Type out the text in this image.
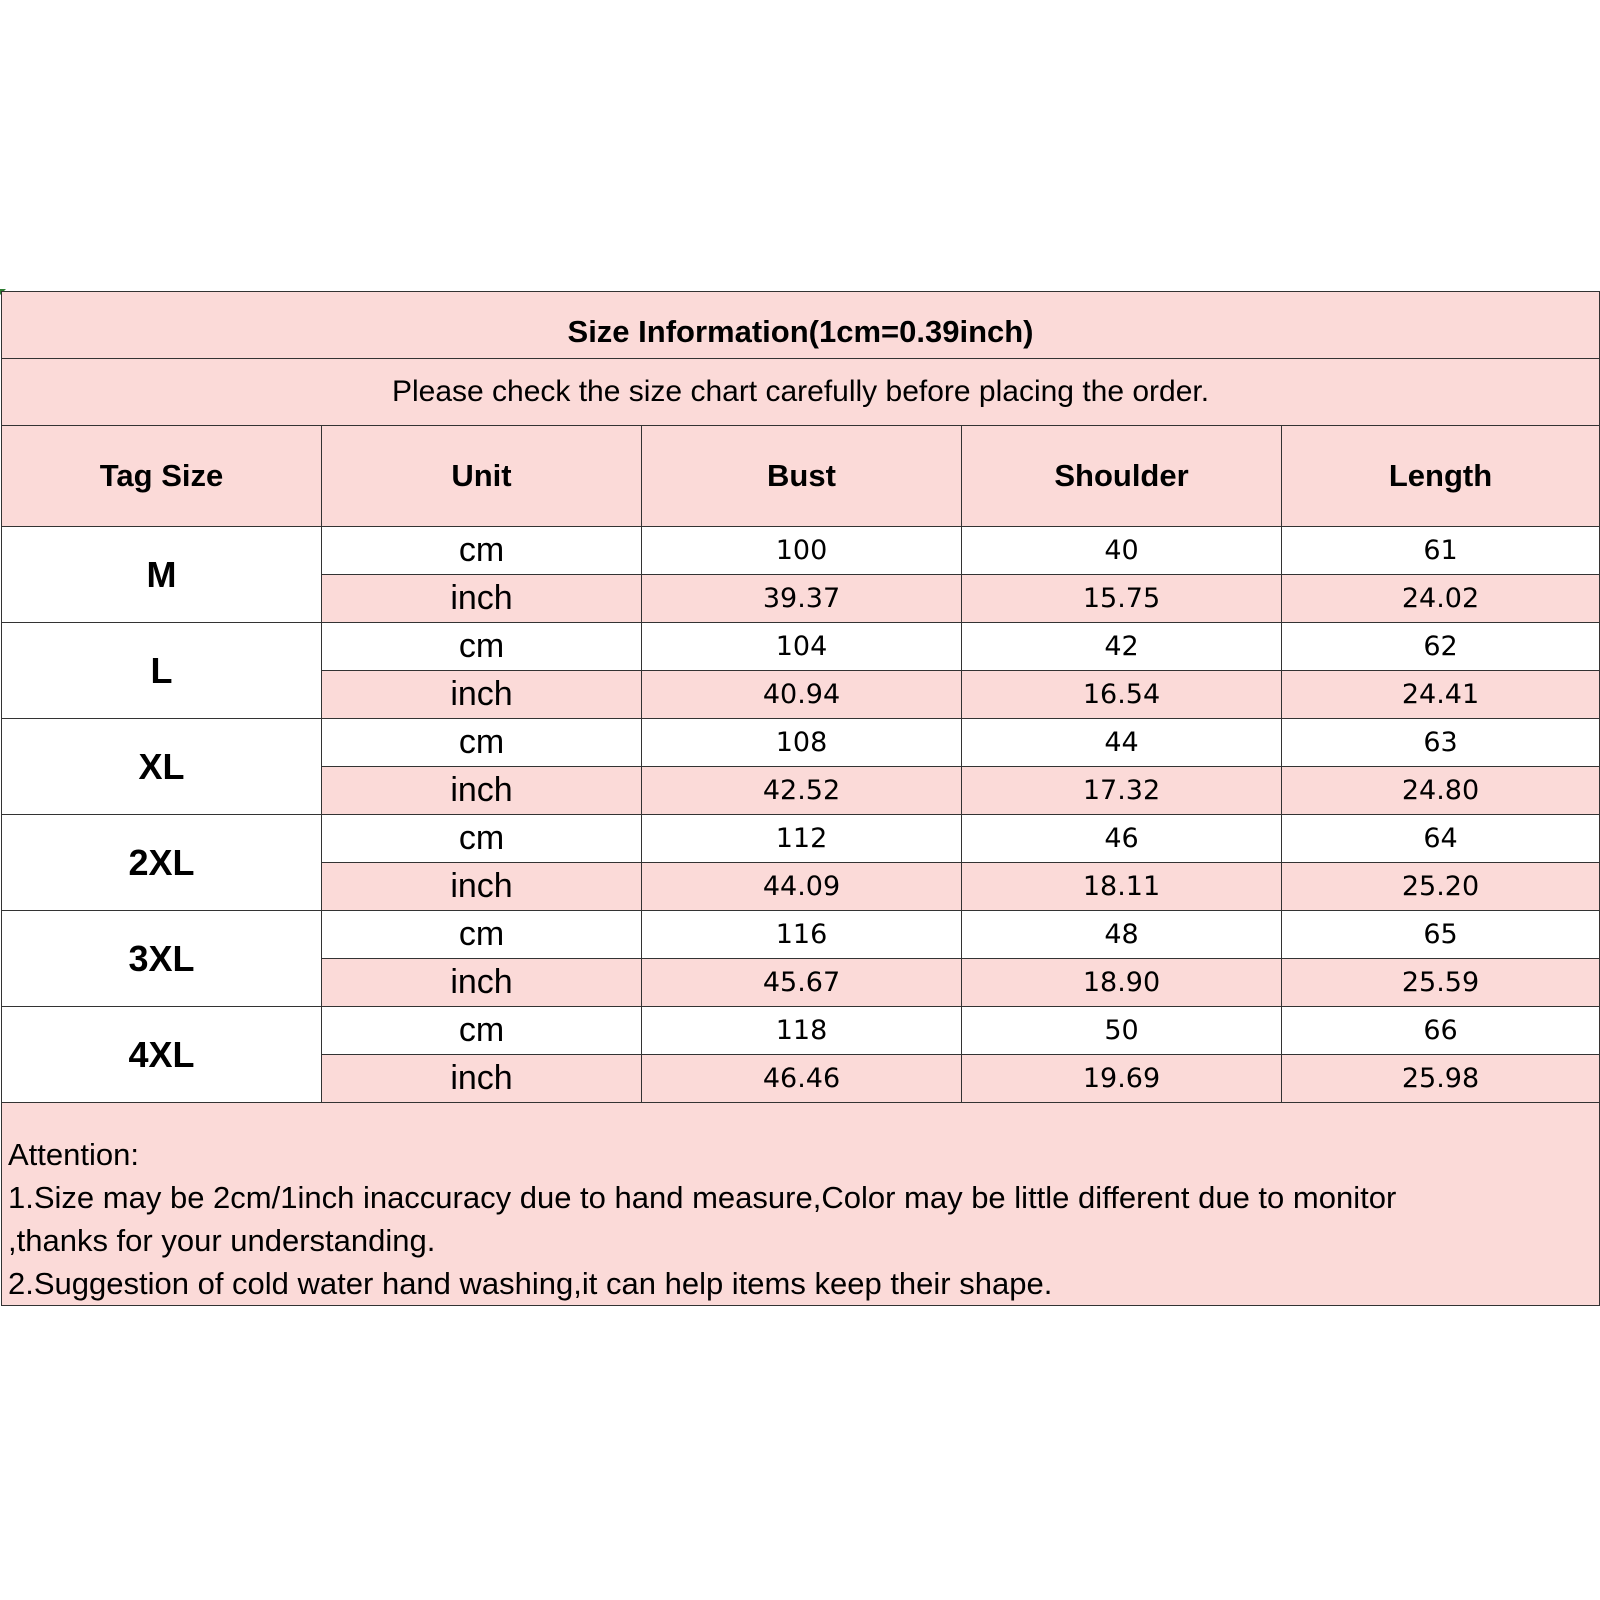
Size Information(1cm=0.39inch)				
Please check the size chart carefully before placing the order.				
Tag Size	Unit	Bust	Shoulder	Length
M	cm	100	40	61
	inch	39.37	15.75	24.02
L	cm	104	42	62
	inch	40.94	16.54	24.41
XL	cm	108	44	63
	inch	42.52	17.32	24.80
2XL	cm	112	46	64
	inch	44.09	18.11	25.20
3XL	cm	116	48	65
	inch	45.67	18.90	25.59
4XL	cm	118	50	66
	inch	46.46	19.69	25.98

Attention:
1.Size may be 2cm/1inch inaccuracy due to hand measure,Color may be little different due to monitor
,thanks for your understanding.
2.Suggestion of cold water hand washing,it can help items keep their shape.				
